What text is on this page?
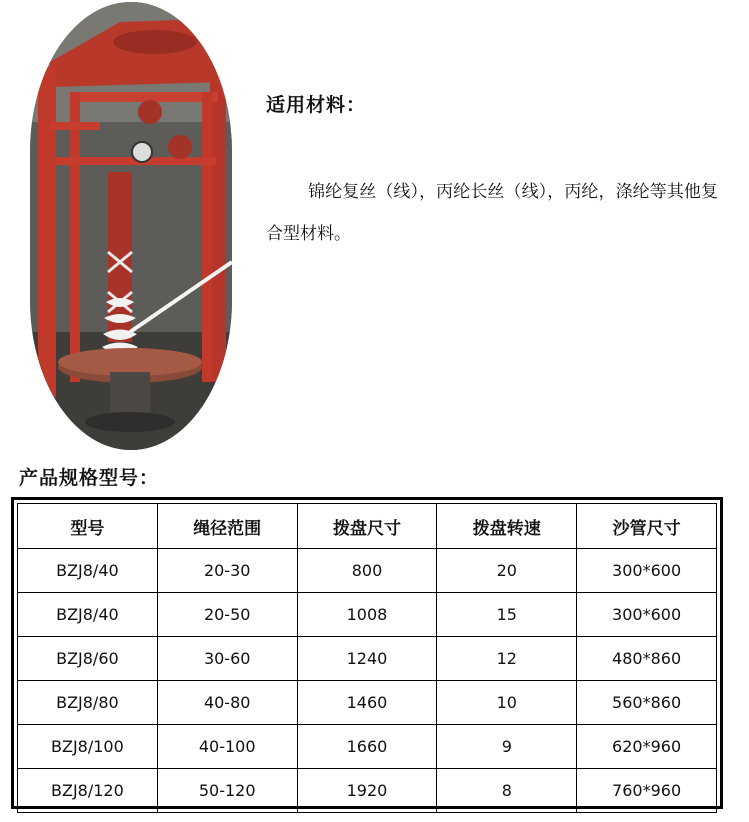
适用材料：
锦纶复丝（线），丙纶长丝（线），丙纶，涤纶等其他复合型材料。
产品规格型号：
型号	绳径范围	拨盘尺寸	拨盘转速	沙管尺寸
BZJ8/40	20-30	800	20	300*600
BZJ8/40	20-50	1008	15	300*600
BZJ8/60	30-60	1240	12	480*860
BZJ8/80	40-80	1460	10	560*860
BZJ8/100	40-100	1660	9	620*960
BZJ8/120	50-120	1920	8	760*960
